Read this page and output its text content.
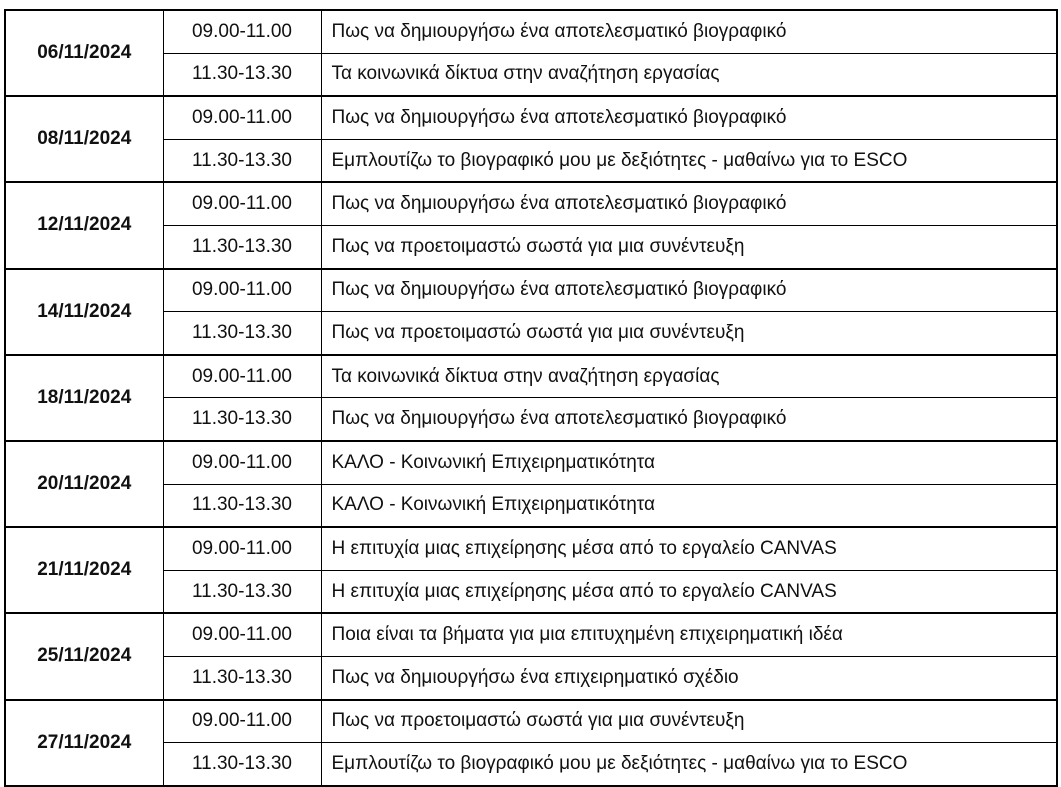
06/11/2024	09.00-11.00	Πως να δημιουργήσω ένα αποτελεσματικό βιογραφικό
	11.30-13.30	Τα κοινωνικά δίκτυα στην αναζήτηση εργασίας
08/11/2024	09.00-11.00	Πως να δημιουργήσω ένα αποτελεσματικό βιογραφικό
	11.30-13.30	Εμπλουτίζω το βιογραφικό μου με δεξιότητες - μαθαίνω για το ESCO
12/11/2024	09.00-11.00	Πως να δημιουργήσω ένα αποτελεσματικό βιογραφικό
	11.30-13.30	Πως να προετοιμαστώ σωστά για μια συνέντευξη
14/11/2024	09.00-11.00	Πως να δημιουργήσω ένα αποτελεσματικό βιογραφικό
	11.30-13.30	Πως να προετοιμαστώ σωστά για μια συνέντευξη
18/11/2024	09.00-11.00	Τα κοινωνικά δίκτυα στην αναζήτηση εργασίας
	11.30-13.30	Πως να δημιουργήσω ένα αποτελεσματικό βιογραφικό
20/11/2024	09.00-11.00	ΚΑΛΟ - Κοινωνική Επιχειρηματικότητα
	11.30-13.30	ΚΑΛΟ - Κοινωνική Επιχειρηματικότητα
21/11/2024	09.00-11.00	Η επιτυχία μιας επιχείρησης μέσα από το εργαλείο CANVAS
	11.30-13.30	Η επιτυχία μιας επιχείρησης μέσα από το εργαλείο CANVAS
25/11/2024	09.00-11.00	Ποια είναι τα βήματα για μια επιτυχημένη επιχειρηματική ιδέα
	11.30-13.30	Πως να δημιουργήσω ένα επιχειρηματικό σχέδιο
27/11/2024	09.00-11.00	Πως να προετοιμαστώ σωστά για μια συνέντευξη
	11.30-13.30	Εμπλουτίζω το βιογραφικό μου με δεξιότητες - μαθαίνω για το ESCO
